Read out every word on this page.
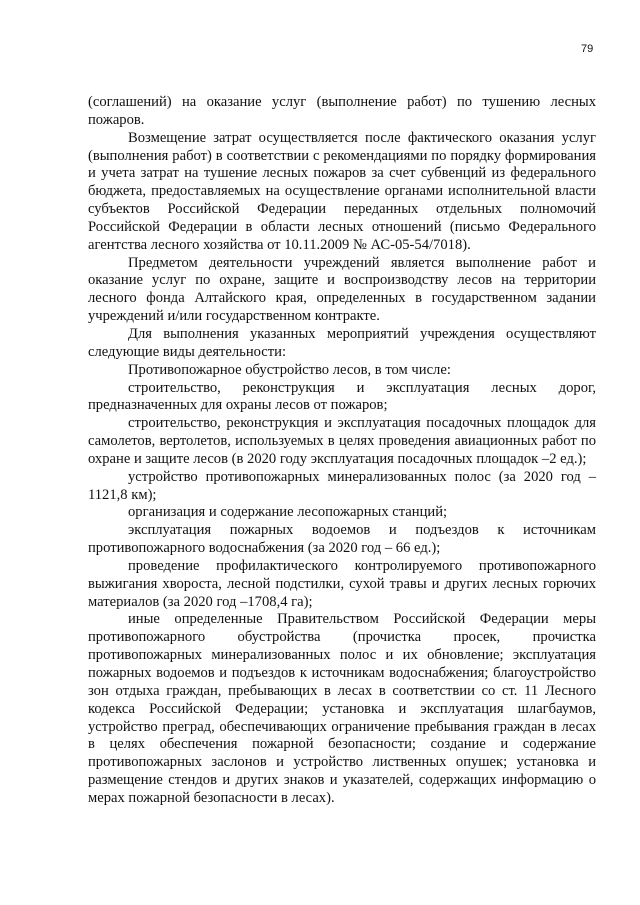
79

(соглашений) на оказание услуг (выполнение работ) по тушению лесных пожаров.

Возмещение затрат осуществляется после фактического оказания услуг (выполнения работ) в соответствии с рекомендациями по порядку формирования и учета затрат на тушение лесных пожаров за счет субвенций из федерального бюджета, предоставляемых на осуществление органами исполнительной власти субъектов Российской Федерации переданных отдельных полномочий Российской Федерации в области лесных отношений (письмо Федерального агентства лесного хозяйства от 10.11.2009 № АС-05-54/7018).

Предметом деятельности учреждений является выполнение работ и оказание услуг по охране, защите и воспроизводству лесов на территории лесного фонда Алтайского края, определенных в государственном задании учреждений и/или государственном контракте.

Для выполнения указанных мероприятий учреждения осуществляют следующие виды деятельности:

Противопожарное обустройство лесов, в том числе:

строительство, реконструкция и эксплуатация лесных дорог, предназначенных для охраны лесов от пожаров;

строительство, реконструкция и эксплуатация посадочных площадок для самолетов, вертолетов, используемых в целях проведения авиационных работ по охране и защите лесов (в 2020 году эксплуатация посадочных площадок –2 ед.);

устройство противопожарных минерализованных полос (за 2020 год – 1121,8 км);

организация и содержание лесопожарных станций;

эксплуатация пожарных водоемов и подъездов к источникам противопожарного водоснабжения (за 2020 год – 66 ед.);

проведение профилактического контролируемого противопожарного выжигания хвороста, лесной подстилки, сухой травы и других лесных горючих материалов (за 2020 год –1708,4 га);

иные определенные Правительством Российской Федерации меры противопожарного обустройства (прочистка просек, прочистка противопожарных минерализованных полос и их обновление; эксплуатация пожарных водоемов и подъездов к источникам водоснабжения; благоустройство зон отдыха граждан, пребывающих в лесах в соответствии со ст. 11 Лесного кодекса Российской Федерации; установка и эксплуатация шлагбаумов, устройство преград, обеспечивающих ограничение пребывания граждан в лесах в целях обеспечения пожарной безопасности; создание и содержание противопожарных заслонов и устройство лиственных опушек; установка и размещение стендов и других знаков и указателей, содержащих информацию о мерах пожарной безопасности в лесах).
